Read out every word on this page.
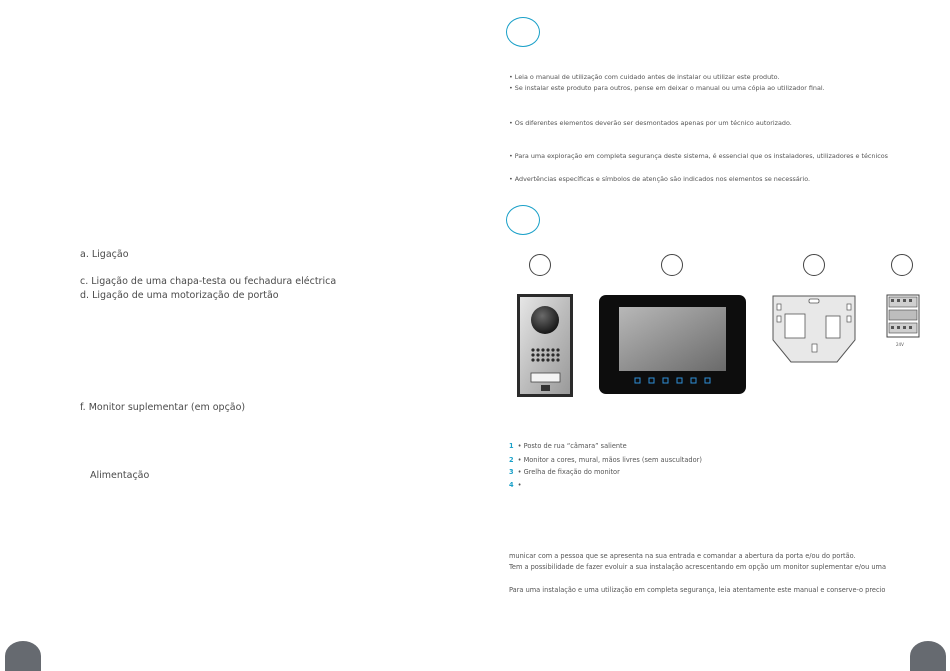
a. Ligação
c. Ligação de uma chapa-testa ou fechadura eléctrica
d. Ligação de uma motorização de portão
f. Monitor suplementar (em opção)
Alimentação
• Leia o manual de utilização com cuidado antes de instalar ou utilizar este produto.
• Se instalar este produto para outros, pense em deixar o manual ou uma cópia ao utilizador final.
• Os diferentes elementos deverão ser desmontados apenas por um técnico autorizado.
• Para uma exploração em completa segurança deste sistema, é essencial que os instaladores, utilizadores e técnicos
• Advertências específicas e símbolos de atenção são indicados nos elementos se necessário.
24V
1 • Posto de rua “câmara” saliente
2 • Monitor a cores, mural, mãos livres (sem auscultador)
3 • Grelha de fixação do monitor
4 •
municar com a pessoa que se apresenta na sua entrada e comandar a abertura da porta e/ou do portão.
Tem a possibilidade de fazer evoluir a sua instalação acrescentando em opção um monitor suplementar e/ou uma
Para uma instalação e uma utilização em completa segurança, leia atentamente este manual e conserve-o precio
